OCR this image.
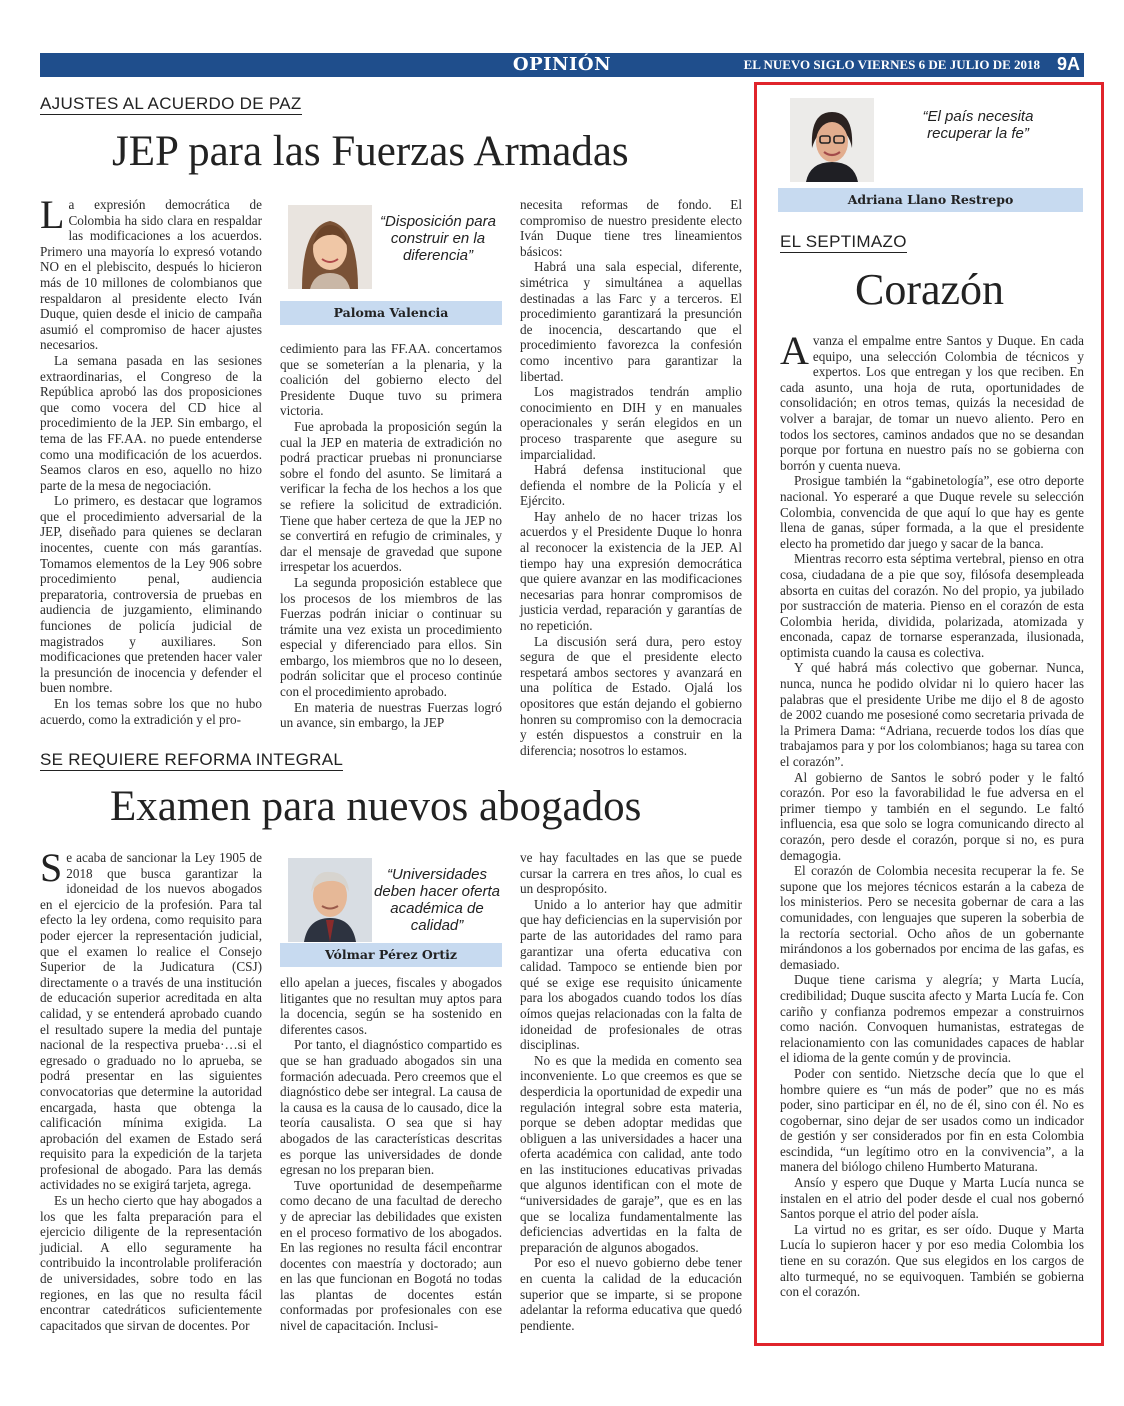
OPINIÓN	EL NUEVO SIGLO VIERNES 6 DE JULIO DE 2018 9A
AJUSTES AL ACUERDO DE PAZ
JEP para las Fuerzas Armadas

La expresión democrática de Colombia ha sido clara en respaldar las modificaciones a los acuerdos. Primero una mayoría lo expresó votando NO en el plebiscito, después lo hicieron más de 10 millones de colombianos que respaldaron al presidente electo Iván Duque, quien desde el inicio de campaña asumió el compromiso de hacer ajustes necesarios.

La semana pasada en las sesiones extraordinarias, el Congreso de la República aprobó las dos proposiciones que como vocera del CD hice al procedimiento de la JEP. Sin embargo, el tema de las FF.AA. no puede entenderse como una modificación de los acuerdos. Seamos claros en eso, aquello no hizo parte de la mesa de negociación.

Lo primero, es destacar que logramos que el procedimiento adversarial de la JEP, diseñado para quienes se declaran inocentes, cuente con más garantías. Tomamos elementos de la Ley 906 sobre procedimiento penal, audiencia preparatoria, controversia de pruebas en audiencia de juzgamiento, eliminando funciones de policía judicial de magistrados y auxiliares. Son modificaciones que pretenden hacer valer la presunción de inocencia y defender el buen nombre.

En los temas sobre los que no hubo acuerdo, como la extradición y el pro-

“Disposición para construir en la diferencia”
Paloma Valencia

cedimiento para las FF.AA. concertamos que se someterían a la plenaria, y la coalición del gobierno electo del Presidente Duque tuvo su primera victoria.

Fue aprobada la proposición según la cual la JEP en materia de extradición no podrá practicar pruebas ni pronunciarse sobre el fondo del asunto. Se limitará a verificar la fecha de los hechos a los que se refiere la solicitud de extradición. Tiene que haber certeza de que la JEP no se convertirá en refugio de criminales, y dar el mensaje de gravedad que supone irrespetar los acuerdos.

La segunda proposición establece que los procesos de los miembros de las Fuerzas podrán iniciar o continuar su trámite una vez exista un procedimiento especial y diferenciado para ellos. Sin embargo, los miembros que no lo deseen, podrán solicitar que el proceso continúe con el procedimiento aprobado.

En materia de nuestras Fuerzas logró un avance, sin embargo, la JEP

necesita reformas de fondo. El compromiso de nuestro presidente electo Iván Duque tiene tres lineamientos básicos:

Habrá una sala especial, diferente, simétrica y simultánea a aquellas destinadas a las Farc y a terceros. El procedimiento garantizará la presunción de inocencia, descartando que el procedimiento favorezca la confesión como incentivo para garantizar la libertad.

Los magistrados tendrán amplio conocimiento en DIH y en manuales operacionales y serán elegidos en un proceso trasparente que asegure su imparcialidad.

Habrá defensa institucional que defienda el nombre de la Policía y el Ejército.

Hay anhelo de no hacer trizas los acuerdos y el Presidente Duque lo honra al reconocer la existencia de la JEP. Al tiempo hay una expresión democrática que quiere avanzar en las modificaciones necesarias para honrar compromisos de justicia verdad, reparación y garantías de no repetición.

La discusión será dura, pero estoy segura de que el presidente electo respetará ambos sectores y avanzará en una política de Estado. Ojalá los opositores que están dejando el gobierno honren su compromiso con la democracia y estén dispuestos a construir en la diferencia; nosotros lo estamos.

SE REQUIERE REFORMA INTEGRAL
Examen para nuevos abogados

Se acaba de sancionar la Ley 1905 de 2018 que busca garantizar la idoneidad de los nuevos abogados en el ejercicio de la profesión. Para tal efecto la ley ordena, como requisito para poder ejercer la representación judicial, que el examen lo realice el Consejo Superior de la Judicatura (CSJ) directamente o a través de una institución de educación superior acreditada en alta calidad, y se entenderá aprobado cuando el resultado supere la media del puntaje nacional de la respectiva prueba·…si el egresado o graduado no lo aprueba, se podrá presentar en las siguientes convocatorias que determine la autoridad encargada, hasta que obtenga la calificación mínima exigida. La aprobación del examen de Estado será requisito para la expedición de la tarjeta profesional de abogado. Para las demás actividades no se exigirá tarjeta, agrega.

Es un hecho cierto que hay abogados a los que les falta preparación para el ejercicio diligente de la representación judicial. A ello seguramente ha contribuido la incontrolable proliferación de universidades, sobre todo en las regiones, en las que no resulta fácil encontrar catedráticos suficientemente capacitados que sirvan de docentes. Por

“Universidades deben hacer oferta académica de calidad”
Vólmar Pérez Ortiz

ello apelan a jueces, fiscales y abogados litigantes que no resultan muy aptos para la docencia, según se ha sostenido en diferentes casos.

Por tanto, el diagnóstico compartido es que se han graduado abogados sin una formación adecuada. Pero creemos que el diagnóstico debe ser integral. La causa de la causa es la causa de lo causado, dice la teoría causalista. O sea que si hay abogados de las características descritas es porque las universidades de donde egresan no los preparan bien.

Tuve oportunidad de desempeñarme como decano de una facultad de derecho y de apreciar las debilidades que existen en el proceso formativo de los abogados. En las regiones no resulta fácil encontrar docentes con maestría y doctorado; aun en las que funcionan en Bogotá no todas las plantas de docentes están conformadas por profesionales con ese nivel de capacitación. Inclusi-

ve hay facultades en las que se puede cursar la carrera en tres años, lo cual es un despropósito.

Unido a lo anterior hay que admitir que hay deficiencias en la supervisión por parte de las autoridades del ramo para garantizar una oferta educativa con calidad. Tampoco se entiende bien por qué se exige ese requisito únicamente para los abogados cuando todos los días oímos quejas relacionadas con la falta de idoneidad de profesionales de otras disciplinas.

No es que la medida en comento sea inconveniente. Lo que creemos es que se desperdicia la oportunidad de expedir una regulación integral sobre esta materia, porque se deben adoptar medidas que obliguen a las universidades a hacer una oferta académica con calidad, ante todo en las instituciones educativas privadas que algunos identifican con el mote de “universidades de garaje”, que es en las que se localiza fundamentalmente las deficiencias advertidas en la falta de preparación de algunos abogados.

Por eso el nuevo gobierno debe tener en cuenta la calidad de la educación superior que se imparte, si se propone adelantar la reforma educativa que quedó pendiente.

“El país necesita recuperar la fe”
Adriana Llano Restrepo
EL SEPTIMAZO
Corazón

Avanza el empalme entre Santos y Duque. En cada equipo, una selección Colombia de técnicos y expertos. Los que entregan y los que reciben. En cada asunto, una hoja de ruta, oportunidades de consolidación; en otros temas, quizás la necesidad de volver a barajar, de tomar un nuevo aliento. Pero en todos los sectores, caminos andados que no se desandan porque por fortuna en nuestro país no se gobierna con borrón y cuenta nueva.

Prosigue también la “gabinetología”, ese otro deporte nacional. Yo esperaré a que Duque revele su selección Colombia, convencida de que aquí lo que hay es gente llena de ganas, súper formada, a la que el presidente electo ha prometido dar juego y sacar de la banca.

Mientras recorro esta séptima vertebral, pienso en otra cosa, ciudadana de a pie que soy, filósofa desempleada absorta en cuitas del corazón. No del propio, ya jubilado por sustracción de materia. Pienso en el corazón de esta Colombia herida, dividida, polarizada, atomizada y enconada, capaz de tornarse esperanzada, ilusionada, optimista cuando la causa es colectiva.

Y qué habrá más colectivo que gobernar. Nunca, nunca, nunca he podido olvidar ni lo quiero hacer las palabras que el presidente Uribe me dijo el 8 de agosto de 2002 cuando me posesioné como secretaria privada de la Primera Dama: “Adriana, recuerde todos los días que trabajamos para y por los colombianos; haga su tarea con el corazón”.

Al gobierno de Santos le sobró poder y le faltó corazón. Por eso la favorabilidad le fue adversa en el primer tiempo y también en el segundo. Le faltó influencia, esa que solo se logra comunicando directo al corazón, pero desde el corazón, porque si no, es pura demagogia.

El corazón de Colombia necesita recuperar la fe. Se supone que los mejores técnicos estarán a la cabeza de los ministerios. Pero se necesita gobernar de cara a las comunidades, con lenguajes que superen la soberbia de la rectoría sectorial. Ocho años de un gobernante mirándonos a los gobernados por encima de las gafas, es demasiado.

Duque tiene carisma y alegría; y Marta Lucía, credibilidad; Duque suscita afecto y Marta Lucía fe. Con cariño y confianza podremos empezar a construirnos como nación. Convoquen humanistas, estrategas de relacionamiento con las comunidades capaces de hablar el idioma de la gente común y de provincia.

Poder con sentido. Nietzsche decía que lo que el hombre quiere es “un más de poder” que no es más poder, sino participar en él, no de él, sino con él. No es cogobernar, sino dejar de ser usados como un indicador de gestión y ser considerados por fin en esta Colombia escindida, “un legítimo otro en la convivencia”, a la manera del biólogo chileno Humberto Maturana.

Ansío y espero que Duque y Marta Lucía nunca se instalen en el atrio del poder desde el cual nos gobernó Santos porque el atrio del poder aísla.

La virtud no es gritar, es ser oído. Duque y Marta Lucía lo supieron hacer y por eso media Colombia los tiene en su corazón. Que sus elegidos en los cargos de alto turmequé, no se equivoquen. También se gobierna con el corazón.
